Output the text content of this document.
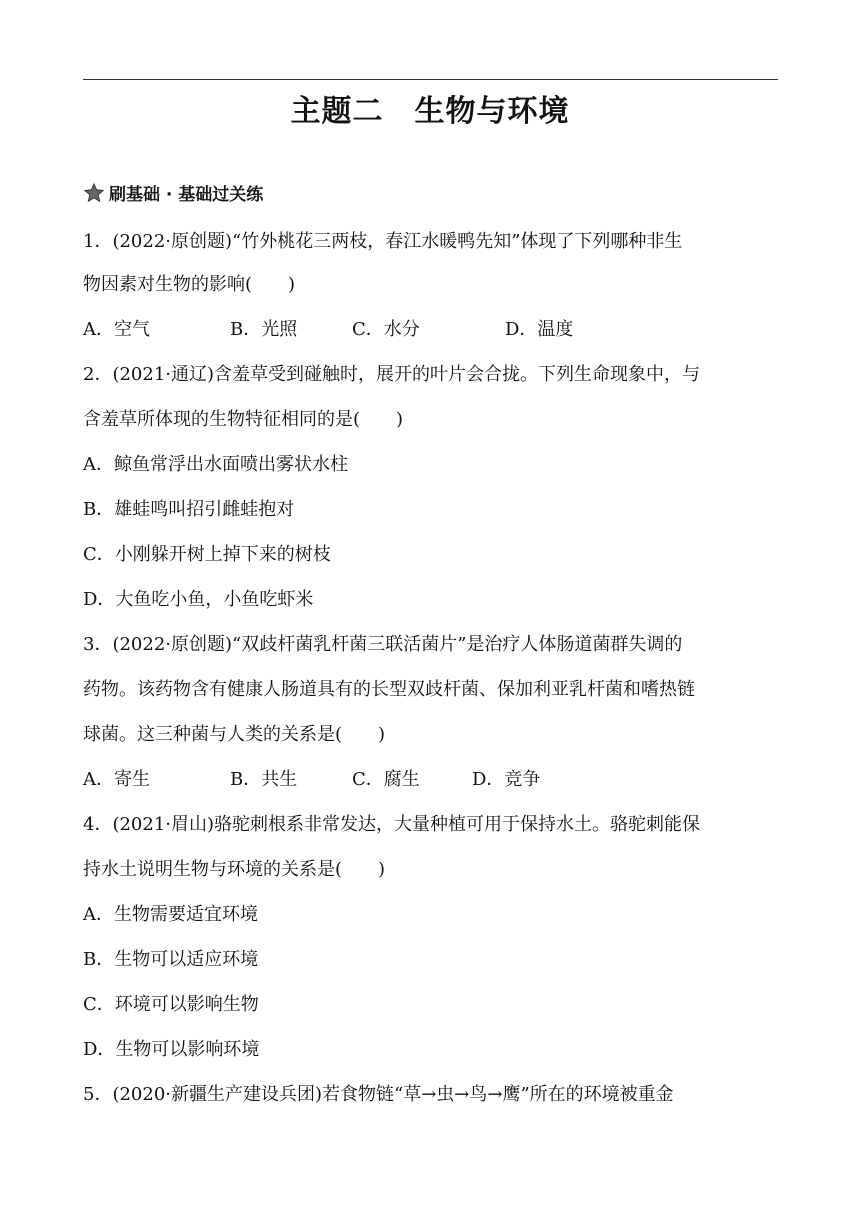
主题二　生物与环境
刷基础 · 基础过关练
1．(2022·原创题)“竹外桃花三两枝，春江水暖鸭先知”体现了下列哪种非生
物因素对生物的影响(　　)
A．空气	B．光照	C．水分	D．温度
2．(2021·通辽)含羞草受到碰触时，展开的叶片会合拢。下列生命现象中，与
含羞草所体现的生物特征相同的是(　　)
A．鲸鱼常浮出水面喷出雾状水柱
B．雄蛙鸣叫招引雌蛙抱对
C．小刚躲开树上掉下来的树枝
D．大鱼吃小鱼，小鱼吃虾米
3．(2022·原创题)“双歧杆菌乳杆菌三联活菌片”是治疗人体肠道菌群失调的
药物。该药物含有健康人肠道具有的长型双歧杆菌、保加利亚乳杆菌和嗜热链
球菌。这三种菌与人类的关系是(　　)
A．寄生	B．共生	C．腐生	D．竞争
4．(2021·眉山)骆驼刺根系非常发达，大量种植可用于保持水土。骆驼刺能保
持水土说明生物与环境的关系是(　　)
A．生物需要适宜环境
B．生物可以适应环境
C．环境可以影响生物
D．生物可以影响环境
5．(2020·新疆生产建设兵团)若食物链“草→虫→鸟→鹰”所在的环境被重金
